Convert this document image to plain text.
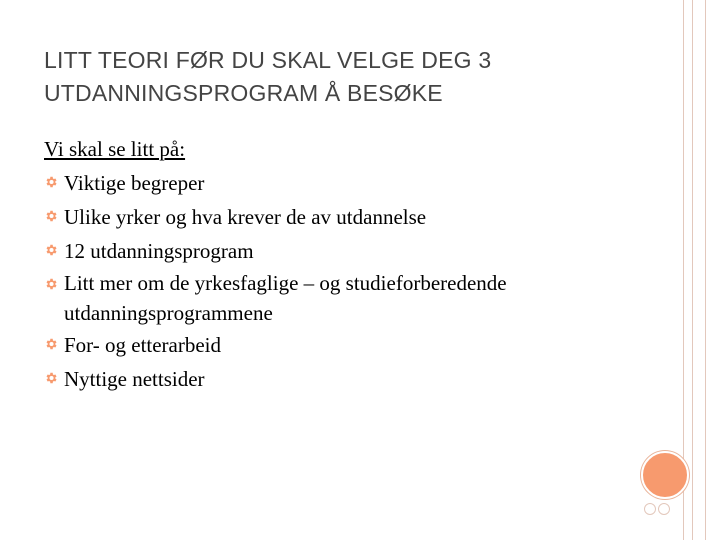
LITT TEORI FØR DU SKAL VELGE DEG 3
UTDANNINGSPROGRAM Å BESØKE
Vi skal se litt på:
Viktige begreper
Ulike yrker og hva krever de av utdannelse
12 utdanningsprogram
Litt mer om de yrkesfaglige – og studieforberedende utdanningsprogrammene
For- og etterarbeid
Nyttige nettsider
